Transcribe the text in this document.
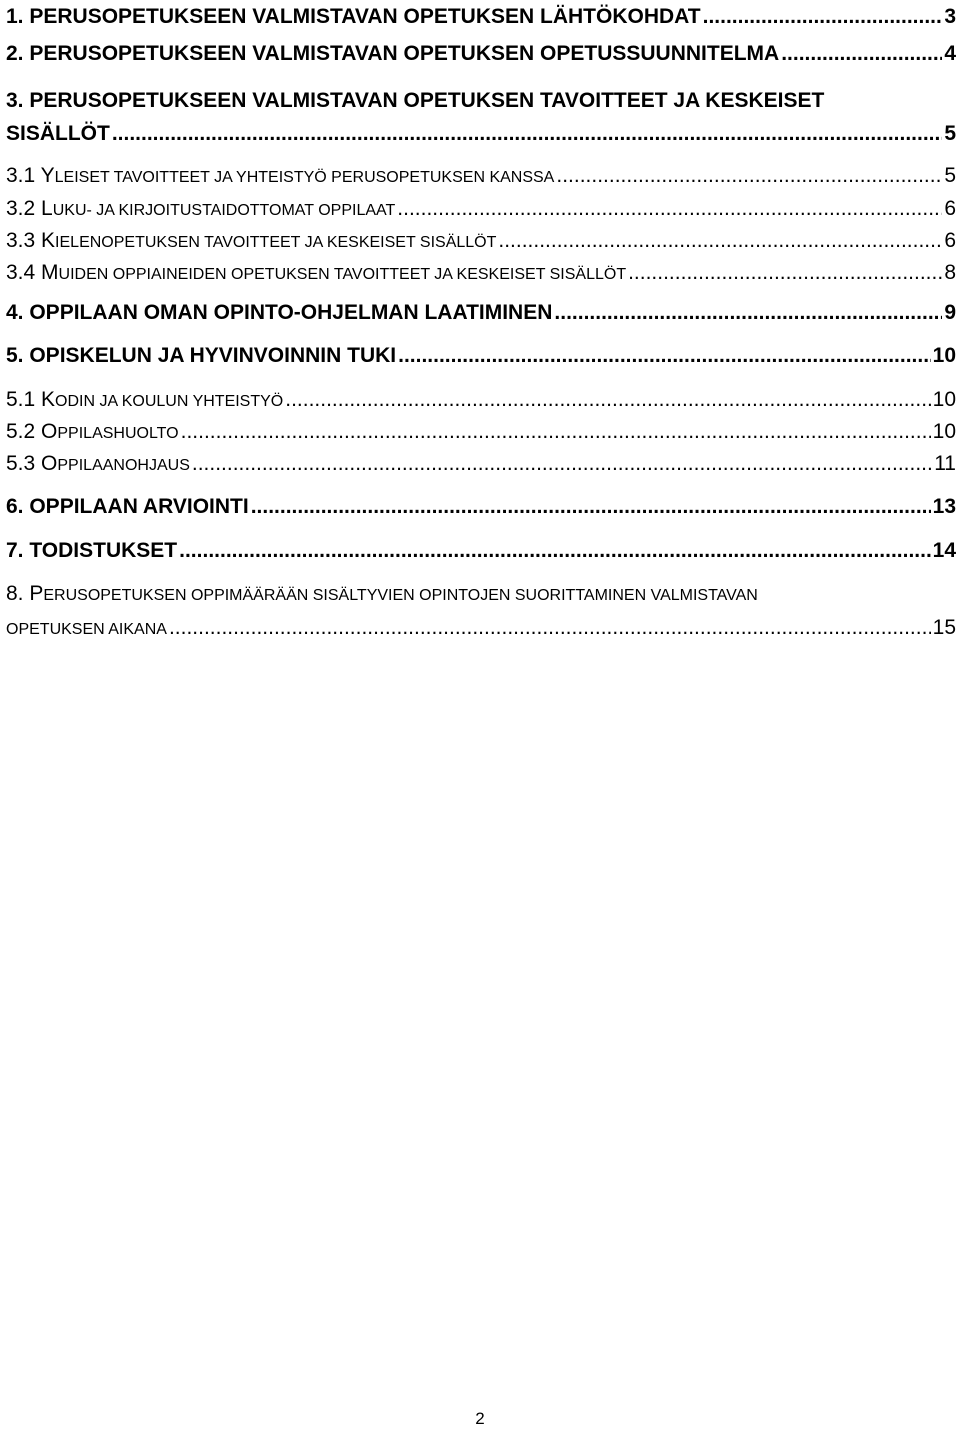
1. PERUSOPETUKSEEN VALMISTAVAN OPETUKSEN LÄHTÖKOHDAT .....	3
2. PERUSOPETUKSEEN VALMISTAVAN OPETUKSEN OPETUSSUUNNITELMA .....	4
3. PERUSOPETUKSEEN VALMISTAVAN OPETUKSEN TAVOITTEET JA KESKEISET
SISÄLLÖT .....	5
3.1 YLEISET TAVOITTEET JA YHTEISTYÖ PERUSOPETUKSEN KANSSA .....	5
3.2 LUKU- JA KIRJOITUSTAIDOTTOMAT OPPILAAT .....	6
3.3 KIELENOPETUKSEN TAVOITTEET JA KESKEISET SISÄLLÖT .....	6
3.4 MUIDEN OPPIAINEIDEN OPETUKSEN TAVOITTEET JA KESKEISET SISÄLLÖT .....	8
4. OPPILAAN OMAN OPINTO-OHJELMAN LAATIMINEN .....	9
5. OPISKELUN JA HYVINVOINNIN TUKI .....	10
5.1 KODIN JA KOULUN YHTEISTYÖ .....	10
5.2 OPPILASHUOLTO .....	10
5.3 OPPILAANOHJAUS .....	11
6. OPPILAAN ARVIOINTI .....	13
7. TODISTUKSET .....	14
8. PERUSOPETUKSEN OPPIMÄÄRÄÄN SISÄLTYVIEN OPINTOJEN SUORITTAMINEN VALMISTAVAN
OPETUKSEN AIKANA .....	15
2
